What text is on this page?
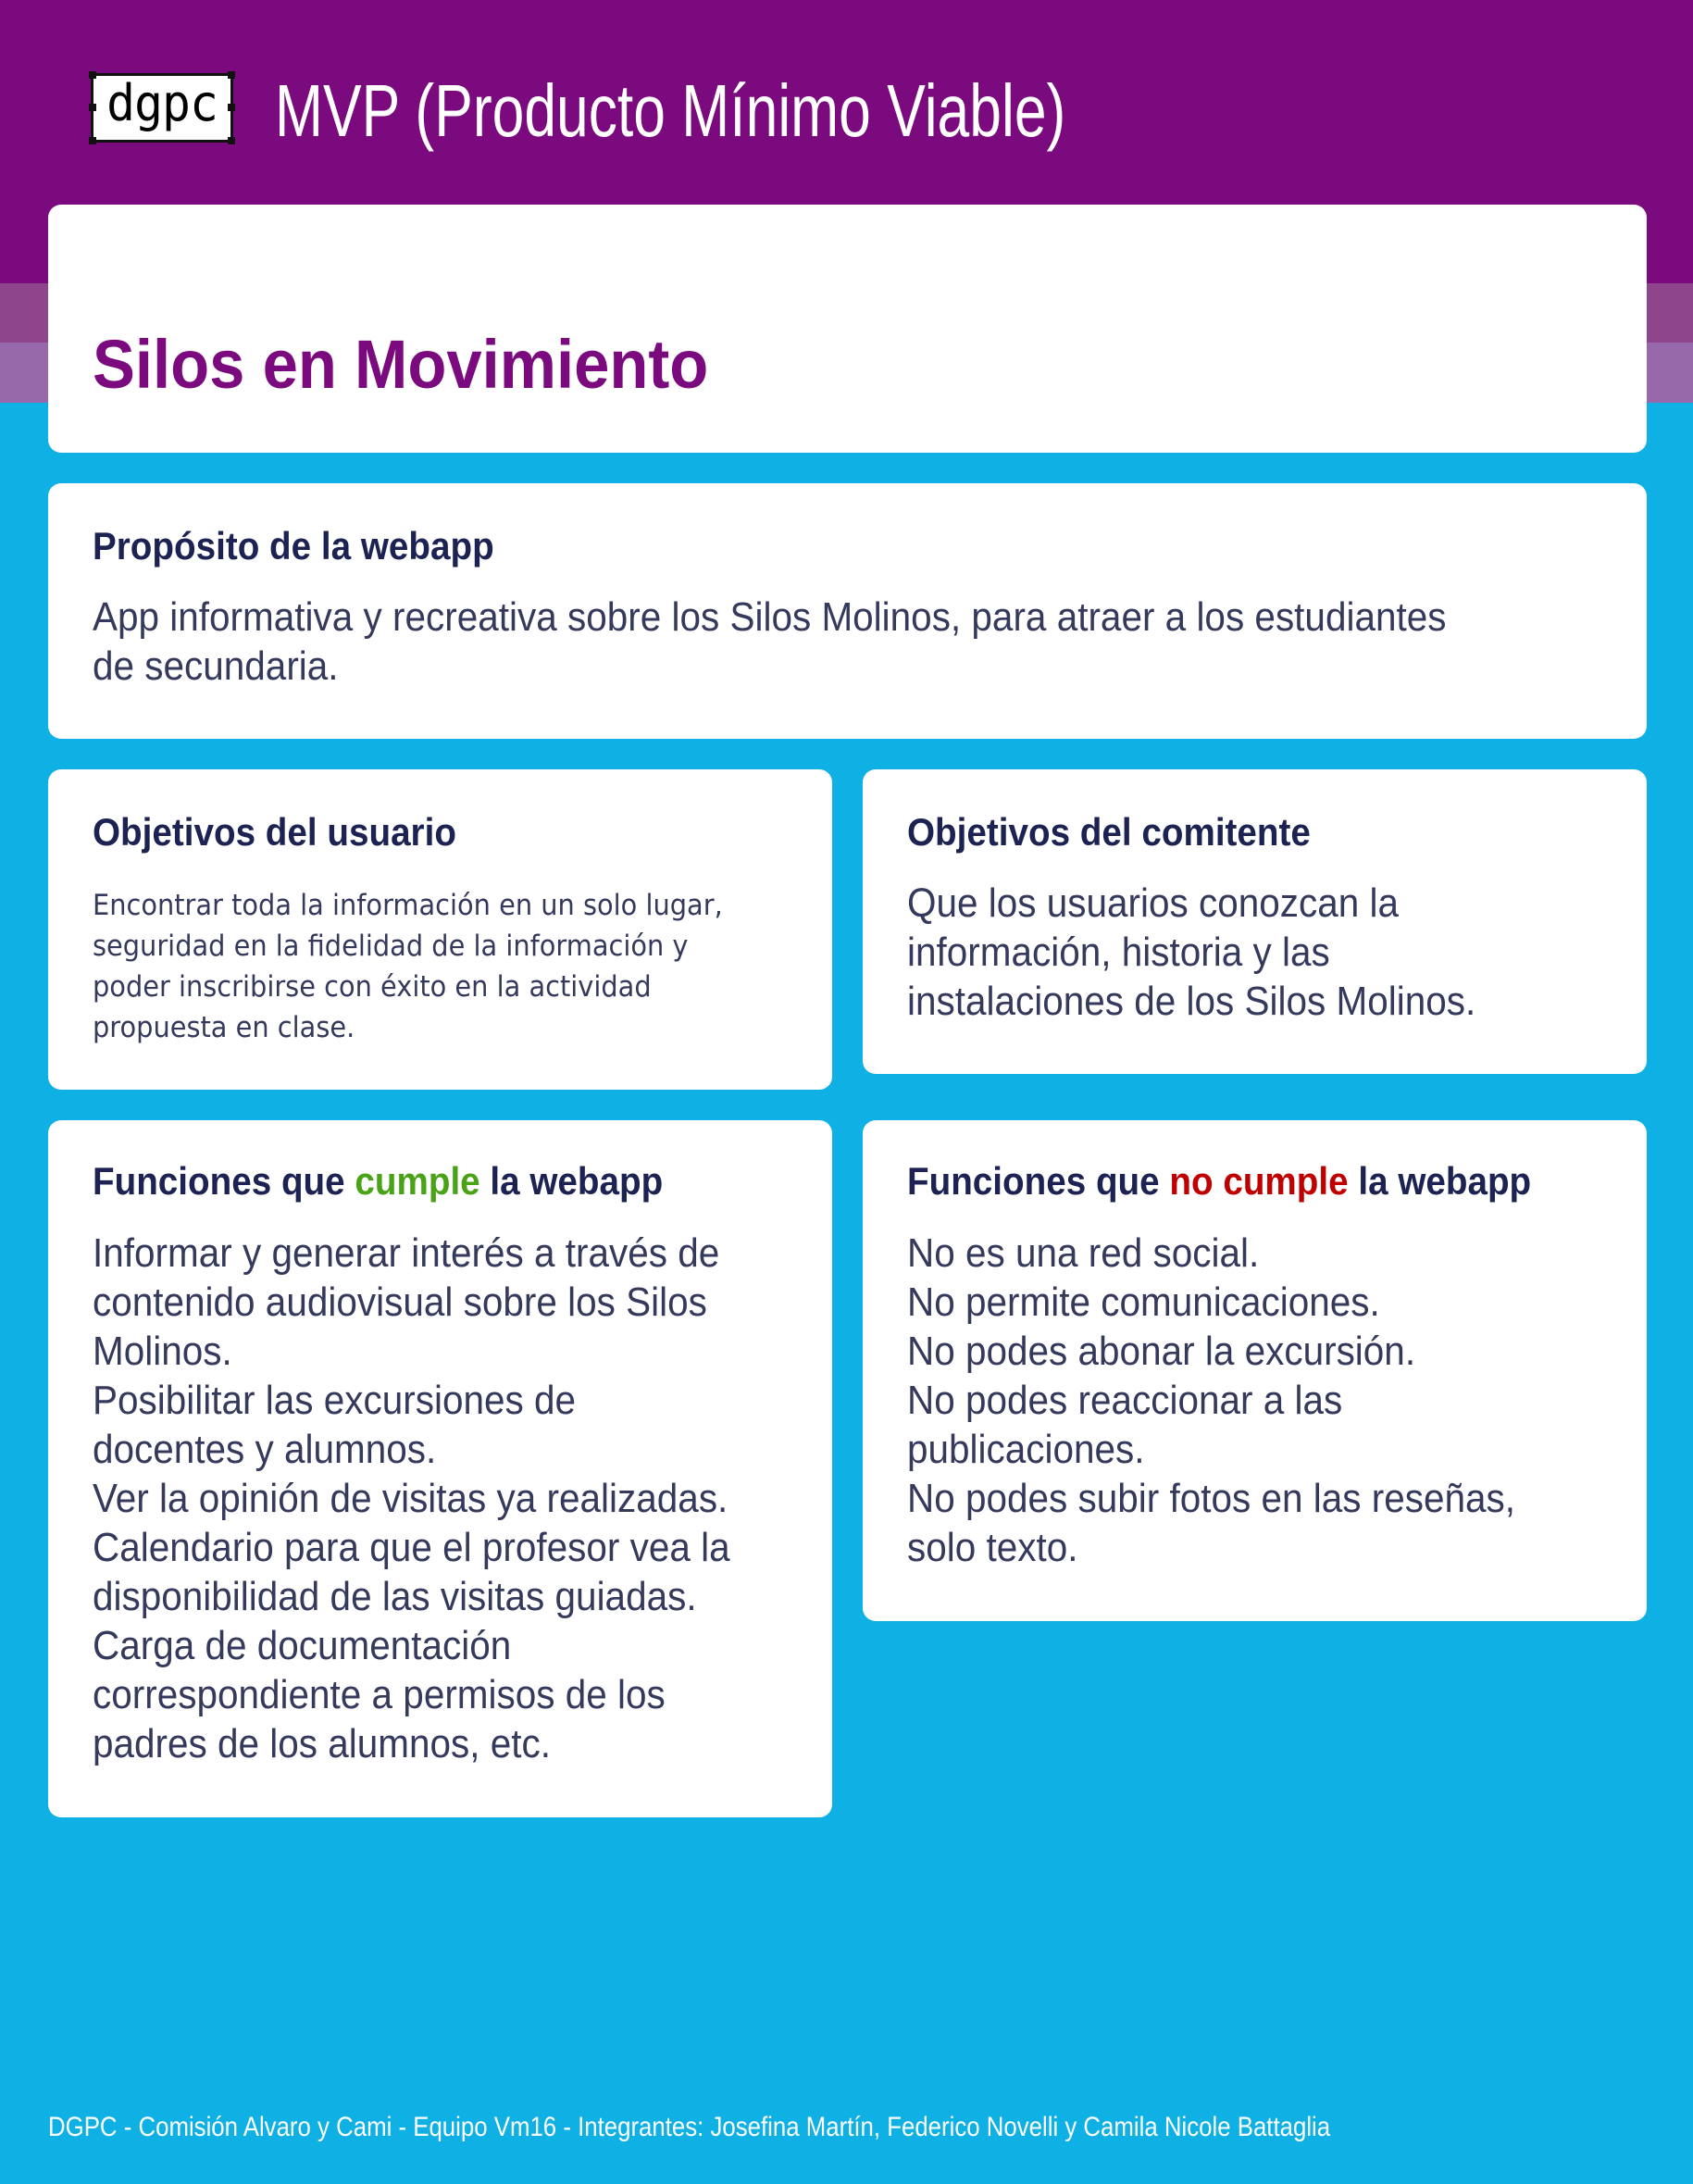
dgpc MVP (Producto Mínimo Viable)
Silos en Movimiento
Propósito de la webapp
App informativa y recreativa sobre los Silos Molinos, para atraer a los estudiantes
de secundaria.
Objetivos del usuario
Encontrar toda la información en un solo lugar, seguridad en la fidelidad de la información y poder inscribirse con éxito en la actividad propuesta en clase.
Objetivos del comitente
Que los usuarios conozcan la
información, historia y las
instalaciones de los Silos Molinos.
Funciones que cumple la webapp
Informar y generar interés a través de
contenido audiovisual sobre los Silos
Molinos.
Posibilitar las excursiones de
docentes y alumnos.
Ver la opinión de visitas ya realizadas.
Calendario para que el profesor vea la
disponibilidad de las visitas guiadas.
Carga de documentación
correspondiente a permisos de los
padres de los alumnos, etc.
Funciones que no cumple la webapp
No es una red social.
No permite comunicaciones.
No podes abonar la excursión.
No podes reaccionar a las
publicaciones.
No podes subir fotos en las reseñas,
solo texto.
DGPC - Comisión Alvaro y Cami - Equipo Vm16 - Integrantes: Josefina Martín, Federico Novelli y Camila Nicole Battaglia
